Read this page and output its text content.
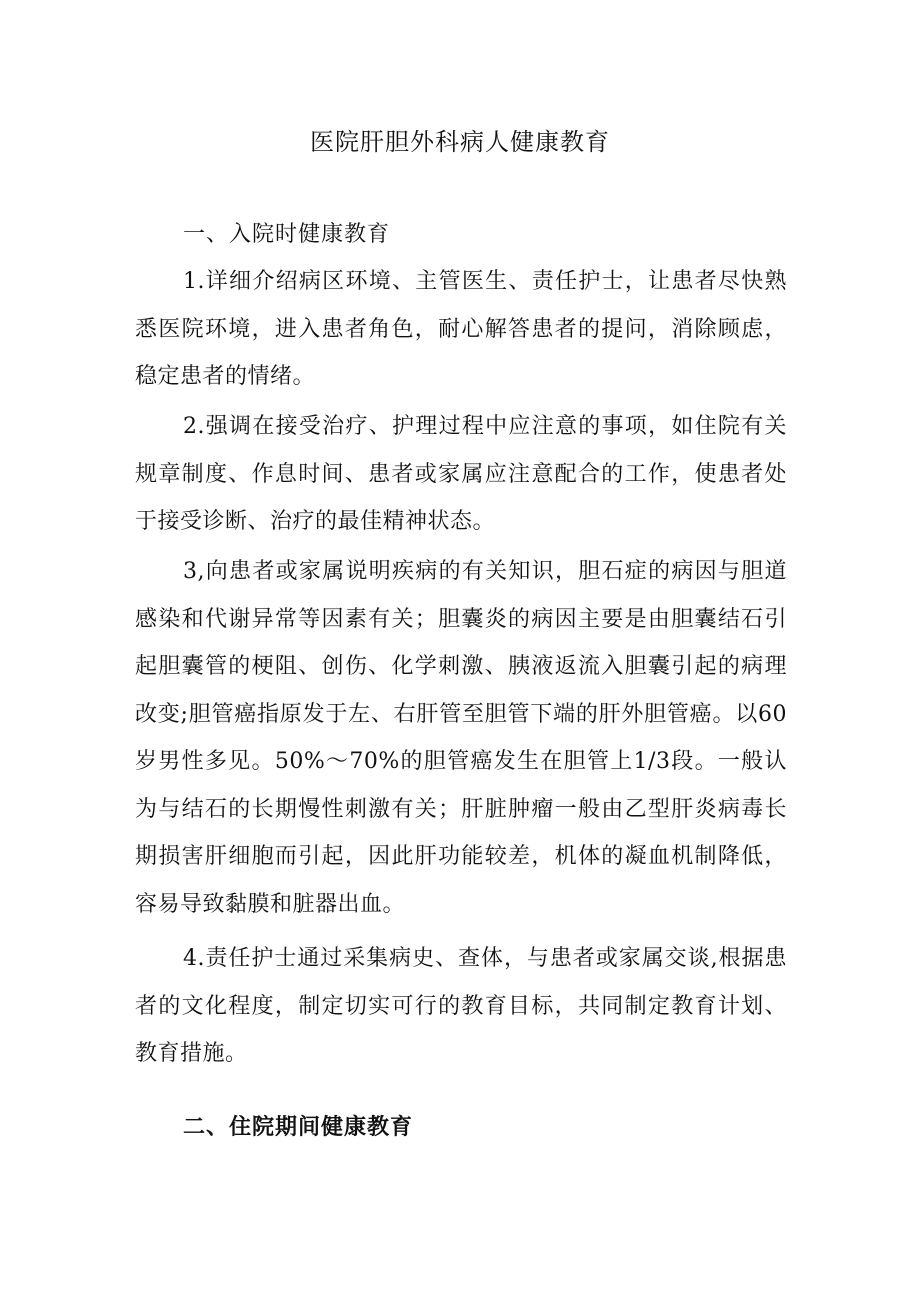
医院肝胆外科病人健康教育
一、入院时健康教育

1.详细介绍病区环境、主管医生、责任护士，让患者尽快熟悉医院环境，进入患者角色，耐心解答患者的提问，消除顾虑，稳定患者的情绪。

2.强调在接受治疗、护理过程中应注意的事项，如住院有关规章制度、作息时间、患者或家属应注意配合的工作，使患者处于接受诊断、治疗的最佳精神状态。

3,向患者或家属说明疾病的有关知识，胆石症的病因与胆道感染和代谢异常等因素有关；胆囊炎的病因主要是由胆囊结石引起胆囊管的梗阻、创伤、化学刺激、胰液返流入胆囊引起的病理改变;胆管癌指原发于左、右肝管至胆管下端的肝外胆管癌。以60岁男性多见。50%～70%的胆管癌发生在胆管上1/3段。一般认为与结石的长期慢性刺激有关；肝脏肿瘤一般由乙型肝炎病毒长期损害肝细胞而引起，因此肝功能较差，机体的凝血机制降低，容易导致黏膜和脏器出血。

4.责任护士通过采集病史、查体，与患者或家属交谈,根据患者的文化程度，制定切实可行的教育目标，共同制定教育计划、教育措施。

二、住院期间健康教育
